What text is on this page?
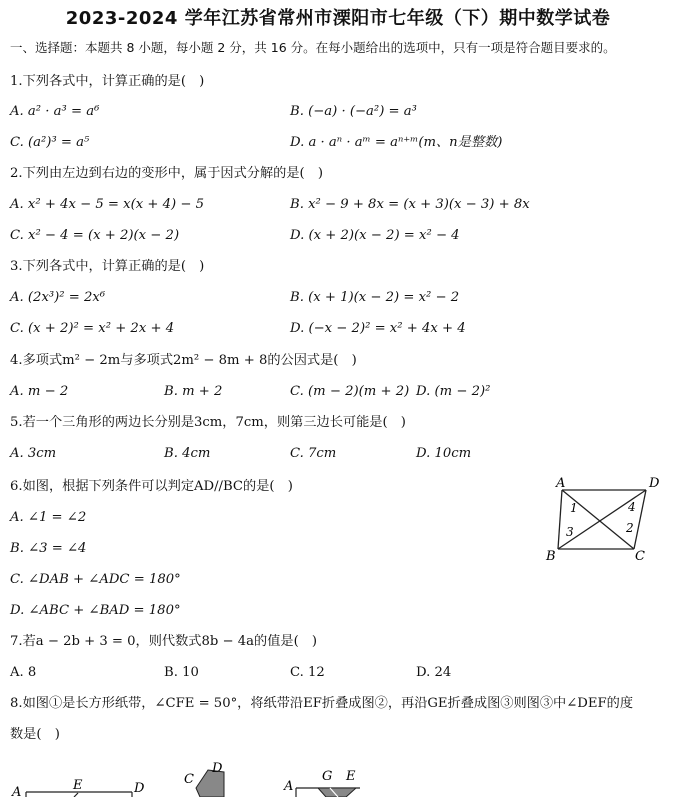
2023-2024 学年江苏省常州市溧阳市七年级（下）期中数学试卷
一、选择题：本题共 8 小题，每小题 2 分，共 16 分。在每小题给出的选项中，只有一项是符合题目要求的。
1.下列各式中，计算正确的是(　)
A. a² · a³ = a⁶	B. (−a) · (−a²) = a³
C. (a²)³ = a⁵	D. a · aⁿ · aᵐ = aⁿ⁺ᵐ(m、n是整数)
2.下列由左边到右边的变形中，属于因式分解的是(　)
A. x² + 4x − 5 = x(x + 4) − 5	B. x² − 9 + 8x = (x + 3)(x − 3) + 8x
C. x² − 4 = (x + 2)(x − 2)	D. (x + 2)(x − 2) = x² − 4
3.下列各式中，计算正确的是(　)
A. (2x³)² = 2x⁶	B. (x + 1)(x − 2) = x² − 2
C. (x + 2)² = x² + 2x + 4	D. (−x − 2)² = x² + 4x + 4
4.多项式m² − 2m与多项式2m² − 8m + 8的公因式是(　)
A. m − 2	B. m + 2	C. (m − 2)(m + 2) D. (m − 2)²
5.若一个三角形的两边长分别是3cm，7cm，则第三边长可能是(　)
A. 3cm	B. 4cm	C. 7cm	D. 10cm
6.如图，根据下列条件可以判定AD//BC的是(　)
A. ∠1 = ∠2
B. ∠3 = ∠4
C. ∠DAB + ∠ADC = 180°
D. ∠ABC + ∠BAD = 180°
A	D
B	C
1	4
3	2
7.若a − 2b + 3 = 0，则代数式8b − 4a的值是(　)
A. 8	B. 10	C. 12	D. 24
8.如图①是长方形纸带，∠CFE = 50°，将纸带沿EF折叠成图②，再沿GE折叠成图③则图③中∠DEF的度
数是(　)
A	E	D
C
D
A
G E
